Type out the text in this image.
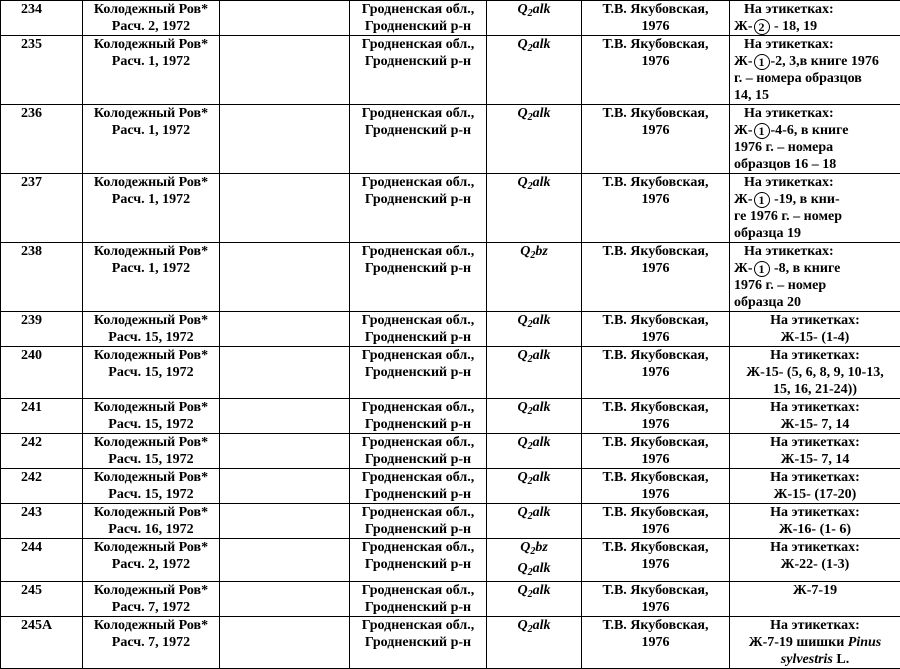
234	Колодежный Ров*
Расч. 2, 1972		Гродненская обл.,
Гродненский р-н	$Q_2alk$	Т.В. Якубовская,
1976	На этикетках:
Ж- 2 - 18, 19
235	Колодежный Ров*
Расч. 1, 1972		Гродненская обл.,
Гродненский р-н	$Q_2alk$	Т.В. Якубовская,
1976	На этикетках:
Ж- 1 -2, 3,в книге 1976
г. – номера образцов
14, 15
236	Колодежный Ров*
Расч. 1, 1972		Гродненская обл.,
Гродненский р-н	$Q_2alk$	Т.В. Якубовская,
1976	На этикетках:
Ж- 1 -4-6, в книге
1976 г. – номера
образцов 16 – 18
237	Колодежный Ров*
Расч. 1, 1972		Гродненская обл.,
Гродненский р-н	$Q_2alk$	Т.В. Якубовская,
1976	На этикетках:
Ж- 1 -19, в кни-
ге 1976 г. – номер
образца 19
238	Колодежный Ров*
Расч. 1, 1972		Гродненская обл.,
Гродненский р-н	$Q_2bz$	Т.В. Якубовская,
1976	На этикетках:
Ж- 1 -8, в книге
1976 г. – номер
образца 20
239	Колодежный Ров*
Расч. 15, 1972		Гродненская обл.,
Гродненский р-н	$Q_2alk$	Т.В. Якубовская,
1976	На этикетках:
Ж-15- (1-4)
240	Колодежный Ров*
Расч. 15, 1972		Гродненская обл.,
Гродненский р-н	$Q_2alk$	Т.В. Якубовская,
1976	На этикетках:
Ж-15- (5, 6, 8, 9, 10-13,
15, 16, 21-24))
241	Колодежный Ров*
Расч. 15, 1972		Гродненская обл.,
Гродненский р-н	$Q_2alk$	Т.В. Якубовская,
1976	На этикетках:
Ж-15- 7, 14
242	Колодежный Ров*
Расч. 15, 1972		Гродненская обл.,
Гродненский р-н	$Q_2alk$	Т.В. Якубовская,
1976	На этикетках:
Ж-15- 7, 14
242	Колодежный Ров*
Расч. 15, 1972		Гродненская обл.,
Гродненский р-н	$Q_2alk$	Т.В. Якубовская,
1976	На этикетках:
Ж-15- (17-20)
243	Колодежный Ров*
Расч. 16, 1972		Гродненская обл.,
Гродненский р-н	$Q_2alk$	Т.В. Якубовская,
1976	На этикетках:
Ж-16- (1- 6)
244	Колодежный Ров*
Расч. 2, 1972		Гродненская обл.,
Гродненский р-н	$Q_2bz$
$Q_2alk$	Т.В. Якубовская,
1976	На этикетках:
Ж-22- (1-3)
245	Колодежный Ров*
Расч. 7, 1972		Гродненская обл.,
Гродненский р-н	$Q_2alk$	Т.В. Якубовская,
1976	Ж-7-19
245А	Колодежный Ров*
Расч. 7, 1972		Гродненская обл.,
Гродненский р-н	$Q_2alk$	Т.В. Якубовская,
1976	На этикетках:
Ж-7-19 шишки Pinus
sylvestris L.
